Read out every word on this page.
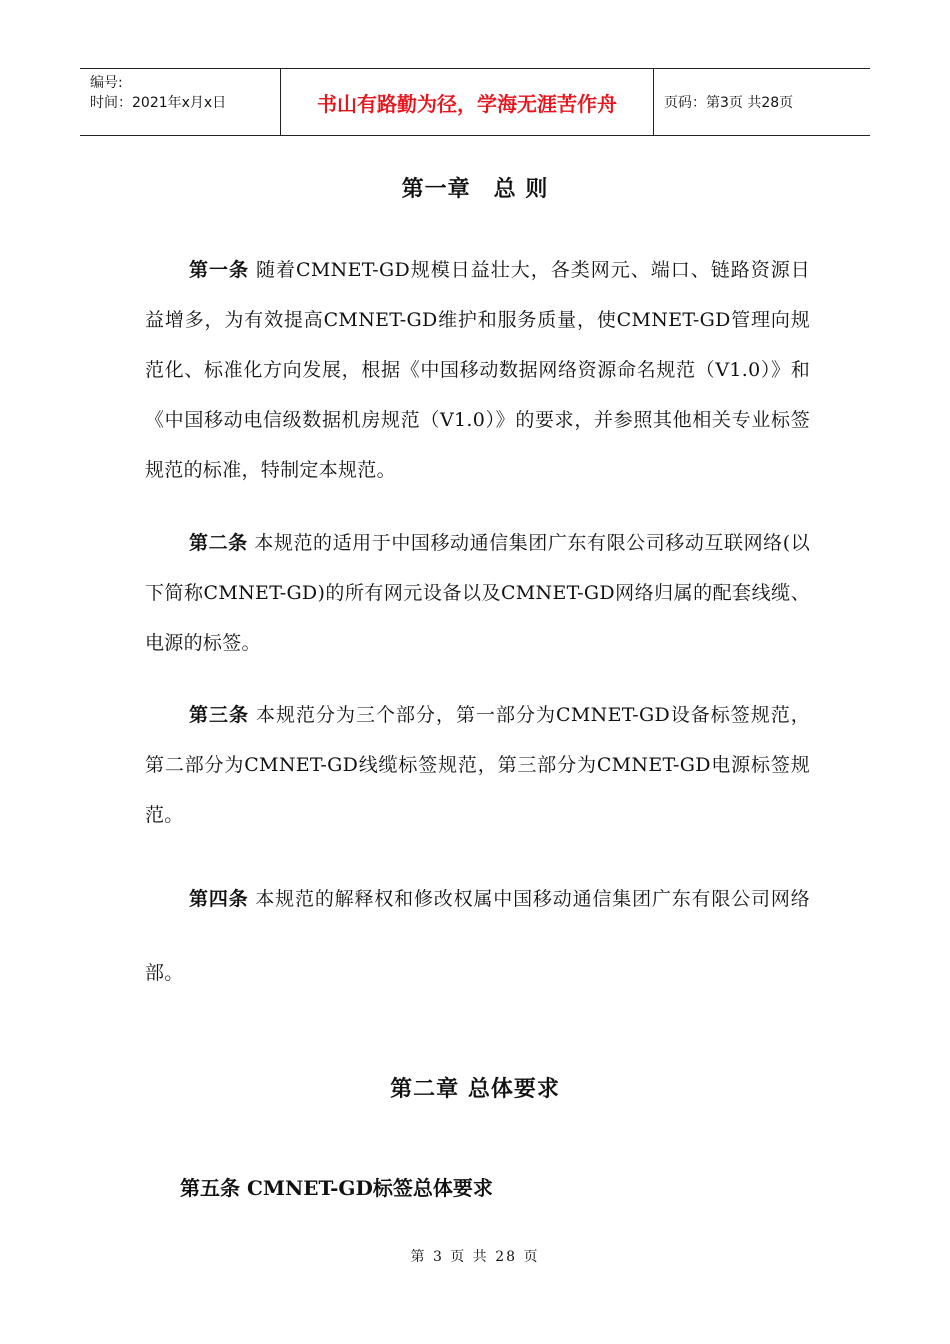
编号:
时间：2021年x月x日	书山有路勤为径，学海无涯苦作舟	页码：第3页 共28页
第一章　总 则
第一条 随着CMNET-GD规模日益壮大，各类网元、端口、链路资源日益增多，为有效提高CMNET-GD维护和服务质量，使CMNET-GD管理向规范化、标准化方向发展，根据《中国移动数据网络资源命名规范（V1.0）》和《中国移动电信级数据机房规范（V1.0）》的要求，并参照其他相关专业标签规范的标准，特制定本规范。
第二条 本规范的适用于中国移动通信集团广东有限公司移动互联网络(以下简称CMNET-GD)的所有网元设备以及CMNET-GD网络归属的配套线缆、电源的标签。
第三条 本规范分为三个部分，第一部分为CMNET-GD设备标签规范，第二部分为CMNET-GD线缆标签规范，第三部分为CMNET-GD电源标签规范。
第四条 本规范的解释权和修改权属中国移动通信集团广东有限公司网络部。
第二章 总体要求
第五条 CMNET-GD标签总体要求
第 3 页 共 28 页
